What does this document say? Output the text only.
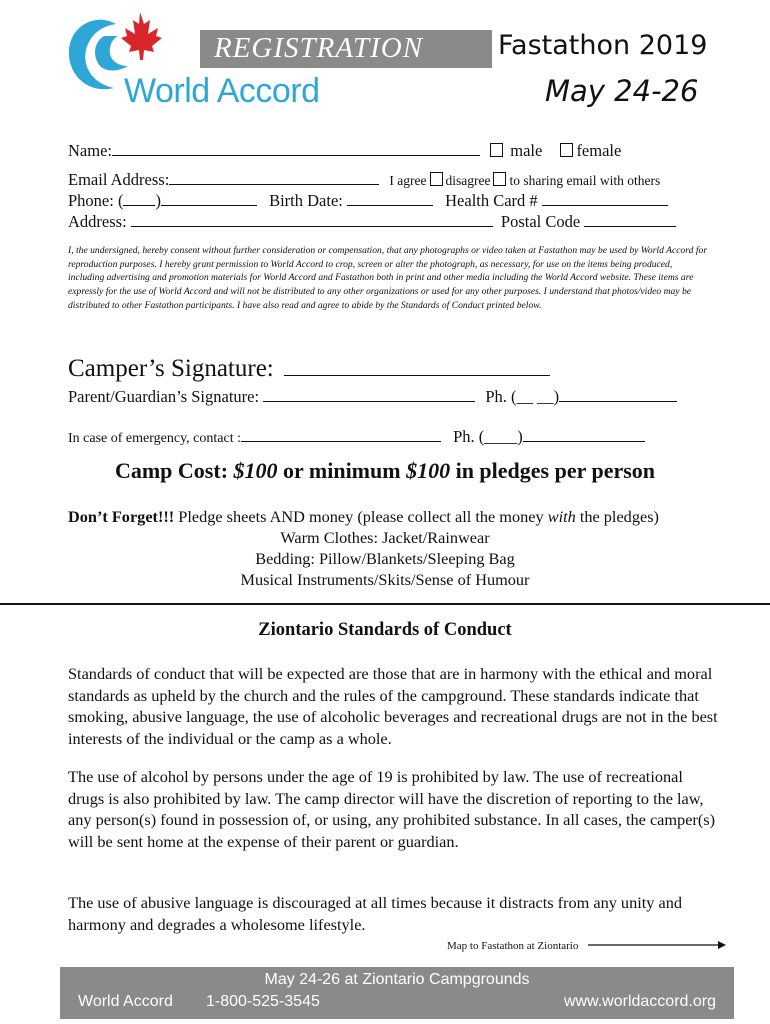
World Accord
REGISTRATION	Fastathon 2019
May 24-26
Name:	male female
Email Address:	I agree disagree to sharing email with others
Phone: ( )	Birth Date:	Health Card #
Address:	Postal Code
I, the undersigned, hereby consent without further consideration or compensation, that any photographs or video taken at Fastathon may be used by World Accord for reproduction purposes. I hereby grant permission to World Accord to crop, screen or alter the photograph, as necessary, for use on the items being produced, including advertising and promotion materials for World Accord and Fastathon both in print and other media including the World Accord website. These items are expressly for the use of World Accord and will not be distributed to any other organizations or used for any other purposes. I understand that photos/video may be distributed to other Fastathon participants. I have also read and agree to abide by the Standards of Conduct printed below.
Camper’s Signature:
Parent/Guardian’s Signature:	Ph. (__ __)
In case of emergency, contact :	Ph. (____)
Camp Cost: $100 or minimum $100 in pledges per person
Don’t Forget!!! Pledge sheets AND money (please collect all the money with the pledges)
Warm Clothes: Jacket/Rainwear
Bedding: Pillow/Blankets/Sleeping Bag
Musical Instruments/Skits/Sense of Humour
Ziontario Standards of Conduct
Standards of conduct that will be expected are those that are in harmony with the ethical and moral standards as upheld by the church and the rules of the campground. These standards indicate that smoking, abusive language, the use of alcoholic beverages and recreational drugs are not in the best interests of the individual or the camp as a whole.
The use of alcohol by persons under the age of 19 is prohibited by law. The use of recreational drugs is also prohibited by law. The camp director will have the discretion of reporting to the law, any person(s) found in possession of, or using, any prohibited substance. In all cases, the camper(s) will be sent home at the expense of their parent or guardian.
The use of abusive language is discouraged at all times because it distracts from any unity and harmony and degrades a wholesome lifestyle.
Map to Fastathon at Ziontario
May 24-26 at Ziontario Campgrounds
World Accord 1-800-525-3545	www.worldaccord.org
